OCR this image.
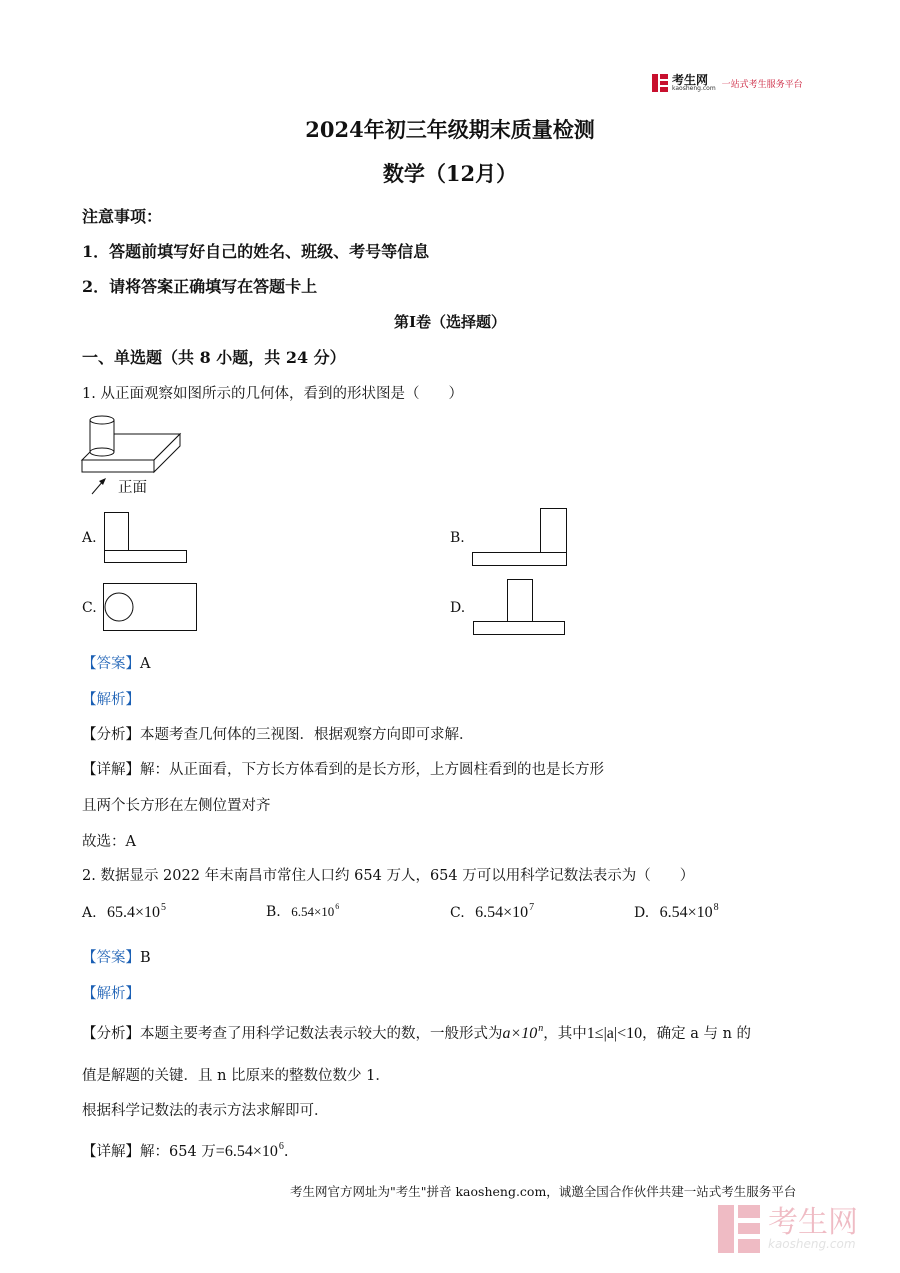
考生网
kaosheng.com 一站式考生服务平台
2024年初三年级期末质量检测
数学（12月）
注意事项：
1．答题前填写好自己的姓名、班级、考号等信息
2．请将答案正确填写在答题卡上
第Ⅰ卷（选择题）
一、单选题（共 8 小题，共 24 分）
1. 从正面观察如图所示的几何体，看到的形状图是（　　）
正面
A.	B.
C.	D.
【答案】A
【解析】
【分析】本题考查几何体的三视图．根据观察方向即可求解．
【详解】解：从正面看，下方长方体看到的是长方形，上方圆柱看到的也是长方形
且两个长方形在左侧位置对齐
故选：A
2. 数据显示 2022 年末南昌市常住人口约 654 万人，654 万可以用科学记数法表示为（　　）
A. $65.4\times 10^5$	B. $6.54\times 10^6$	C. $6.54\times 10^7$	D. $6.54\times 10^8$
【答案】B
【解析】
【分析】本题主要考查了用科学记数法表示较大的数，一般形式为$a\times 10^n$，其中1≤|a|<10，确定 a 与 n 的
值是解题的关键．且 n 比原来的整数位数少 1．
根据科学记数法的表示方法求解即可．
【详解】解：654 万$=6.54\times 10^6$.
考生网官方网址为"考生"拼音 kaosheng.com，诚邀全国合作伙伴共建一站式考生服务平台
考生网
kaosheng.com
